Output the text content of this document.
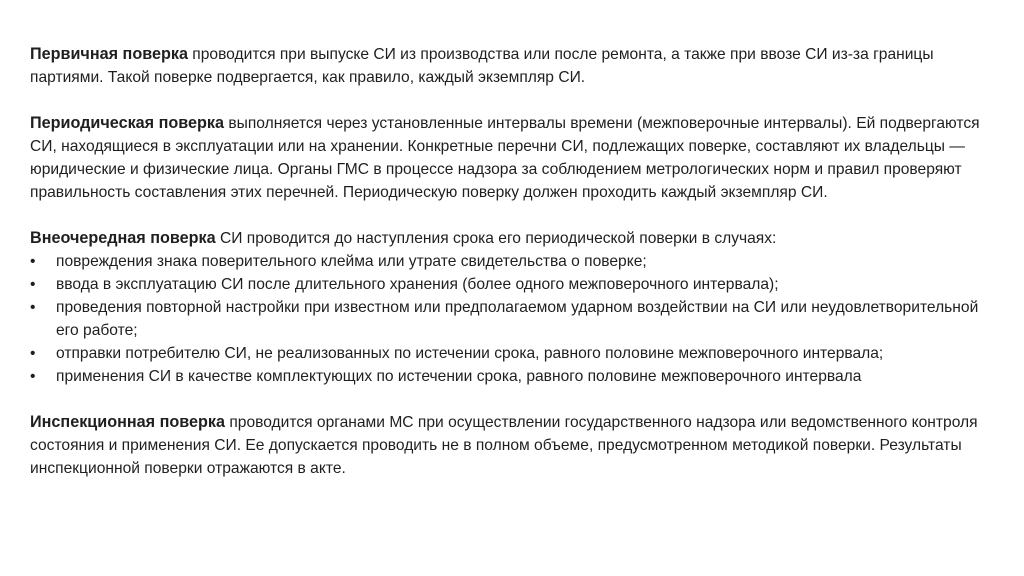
Первичная поверка проводится при выпуске СИ из производства или после ремонта, а также при ввозе СИ из-за границы партиями. Такой поверке подвергается, как правило, каждый экземпляр СИ.

Периодическая поверка выполняется через установленные интервалы времени (межповерочные интервалы). Ей подвергаются СИ, находящиеся в эксплуатации или на хранении. Конкретные перечни СИ, подлежащих поверке, составляют их владельцы — юридические и физические лица. Органы ГМС в процессе надзора за соблюдением метрологических норм и правил проверяют правильность составления этих перечней. Периодическую поверку должен проходить каждый экземпляр СИ.

Внеочередная поверка СИ проводится до наступления срока его периодической поверки в случаях:

•	повреждения знака поверительного клейма или утрате свидетельства о поверке;
•	ввода в эксплуатацию СИ после длительного хранения (более одного межповерочного интервала);
•	проведения повторной настройки при известном или предполагаемом ударном воздействии на СИ или неудовлетворительной его работе;
•	отправки потребителю СИ, не реализованных по истечении срока, равного половине межповерочного интервала;
•	применения СИ в качестве комплектующих по истечении срока, равного половине межповерочного интервала

Инспекционная поверка проводится органами МС при осуществлении государственного надзора или ведомственного контроля состояния и применения СИ. Ее допускается проводить не в полном объеме, предусмотренном методикой поверки. Результаты инспекционной поверки отражаются в акте.
